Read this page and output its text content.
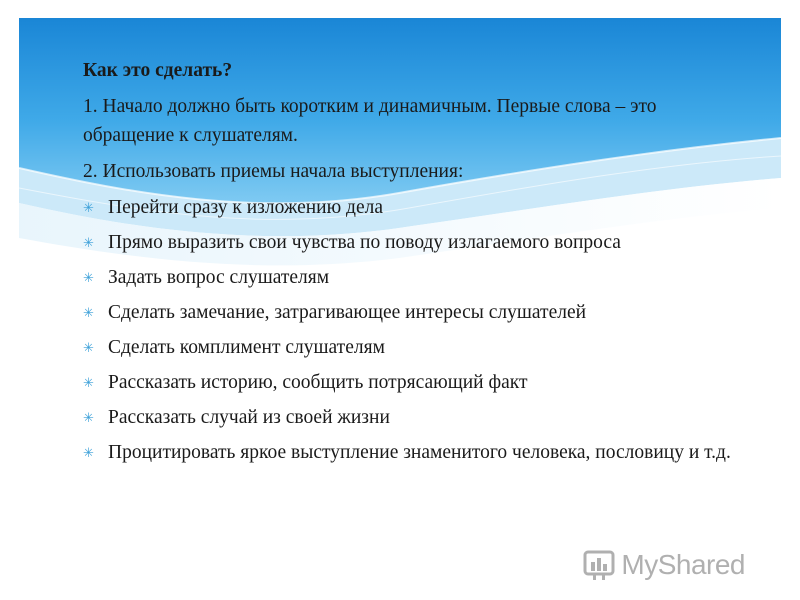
Как это сделать?
1. Начало должно быть коротким и динамичным. Первые слова – это обращение к слушателям.
2. Использовать приемы начала выступления:
✳ Перейти сразу к изложению дела
✳ Прямо выразить свои чувства по поводу излагаемого вопроса
✳ Задать вопрос слушателям
✳ Сделать замечание, затрагивающее интересы слушателей
✳ Сделать комплимент слушателям
✳ Рассказать историю, сообщить потрясающий факт
✳ Рассказать случай из своей жизни
✳ Процитировать яркое выступление знаменитого человека, пословицу и т.д.
MyShared
